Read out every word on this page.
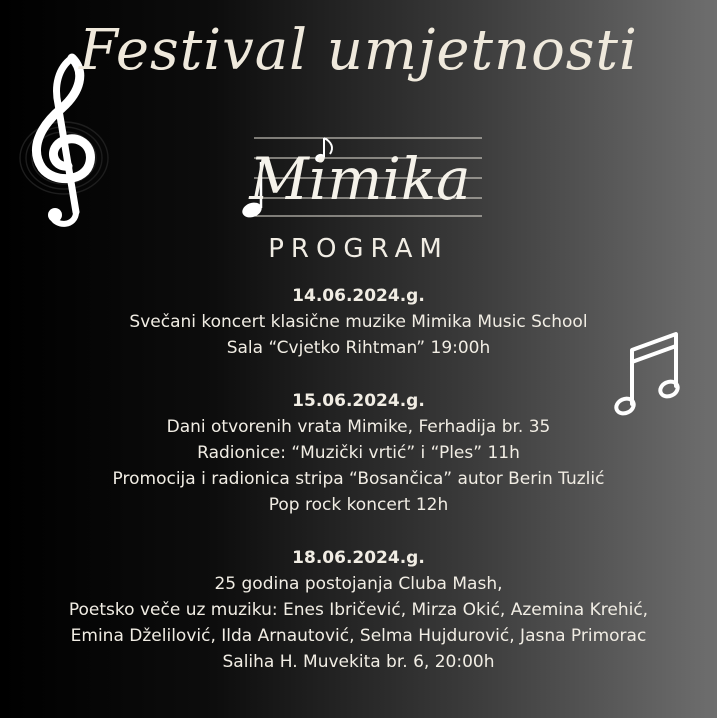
Festival umjetnosti
Mimika
PROGRAM
14.06.2024.g.
Svečani koncert klasične muzike Mimika Music School
Sala “Cvjetko Rihtman” 19:00h
15.06.2024.g.
Dani otvorenih vrata Mimike, Ferhadija br. 35
Radionice: “Muzički vrtić” i “Ples” 11h
Promocija i radionica stripa “Bosančica” autor Berin Tuzlić
Pop rock koncert 12h
18.06.2024.g.
25 godina postojanja Cluba Mash,
Poetsko veče uz muziku: Enes Ibričević, Mirza Okić, Azemina Krehić,
Emina Dželilović, Ilda Arnautović, Selma Hujdurović, Jasna Primorac
Saliha H. Muvekita br. 6, 20:00h
